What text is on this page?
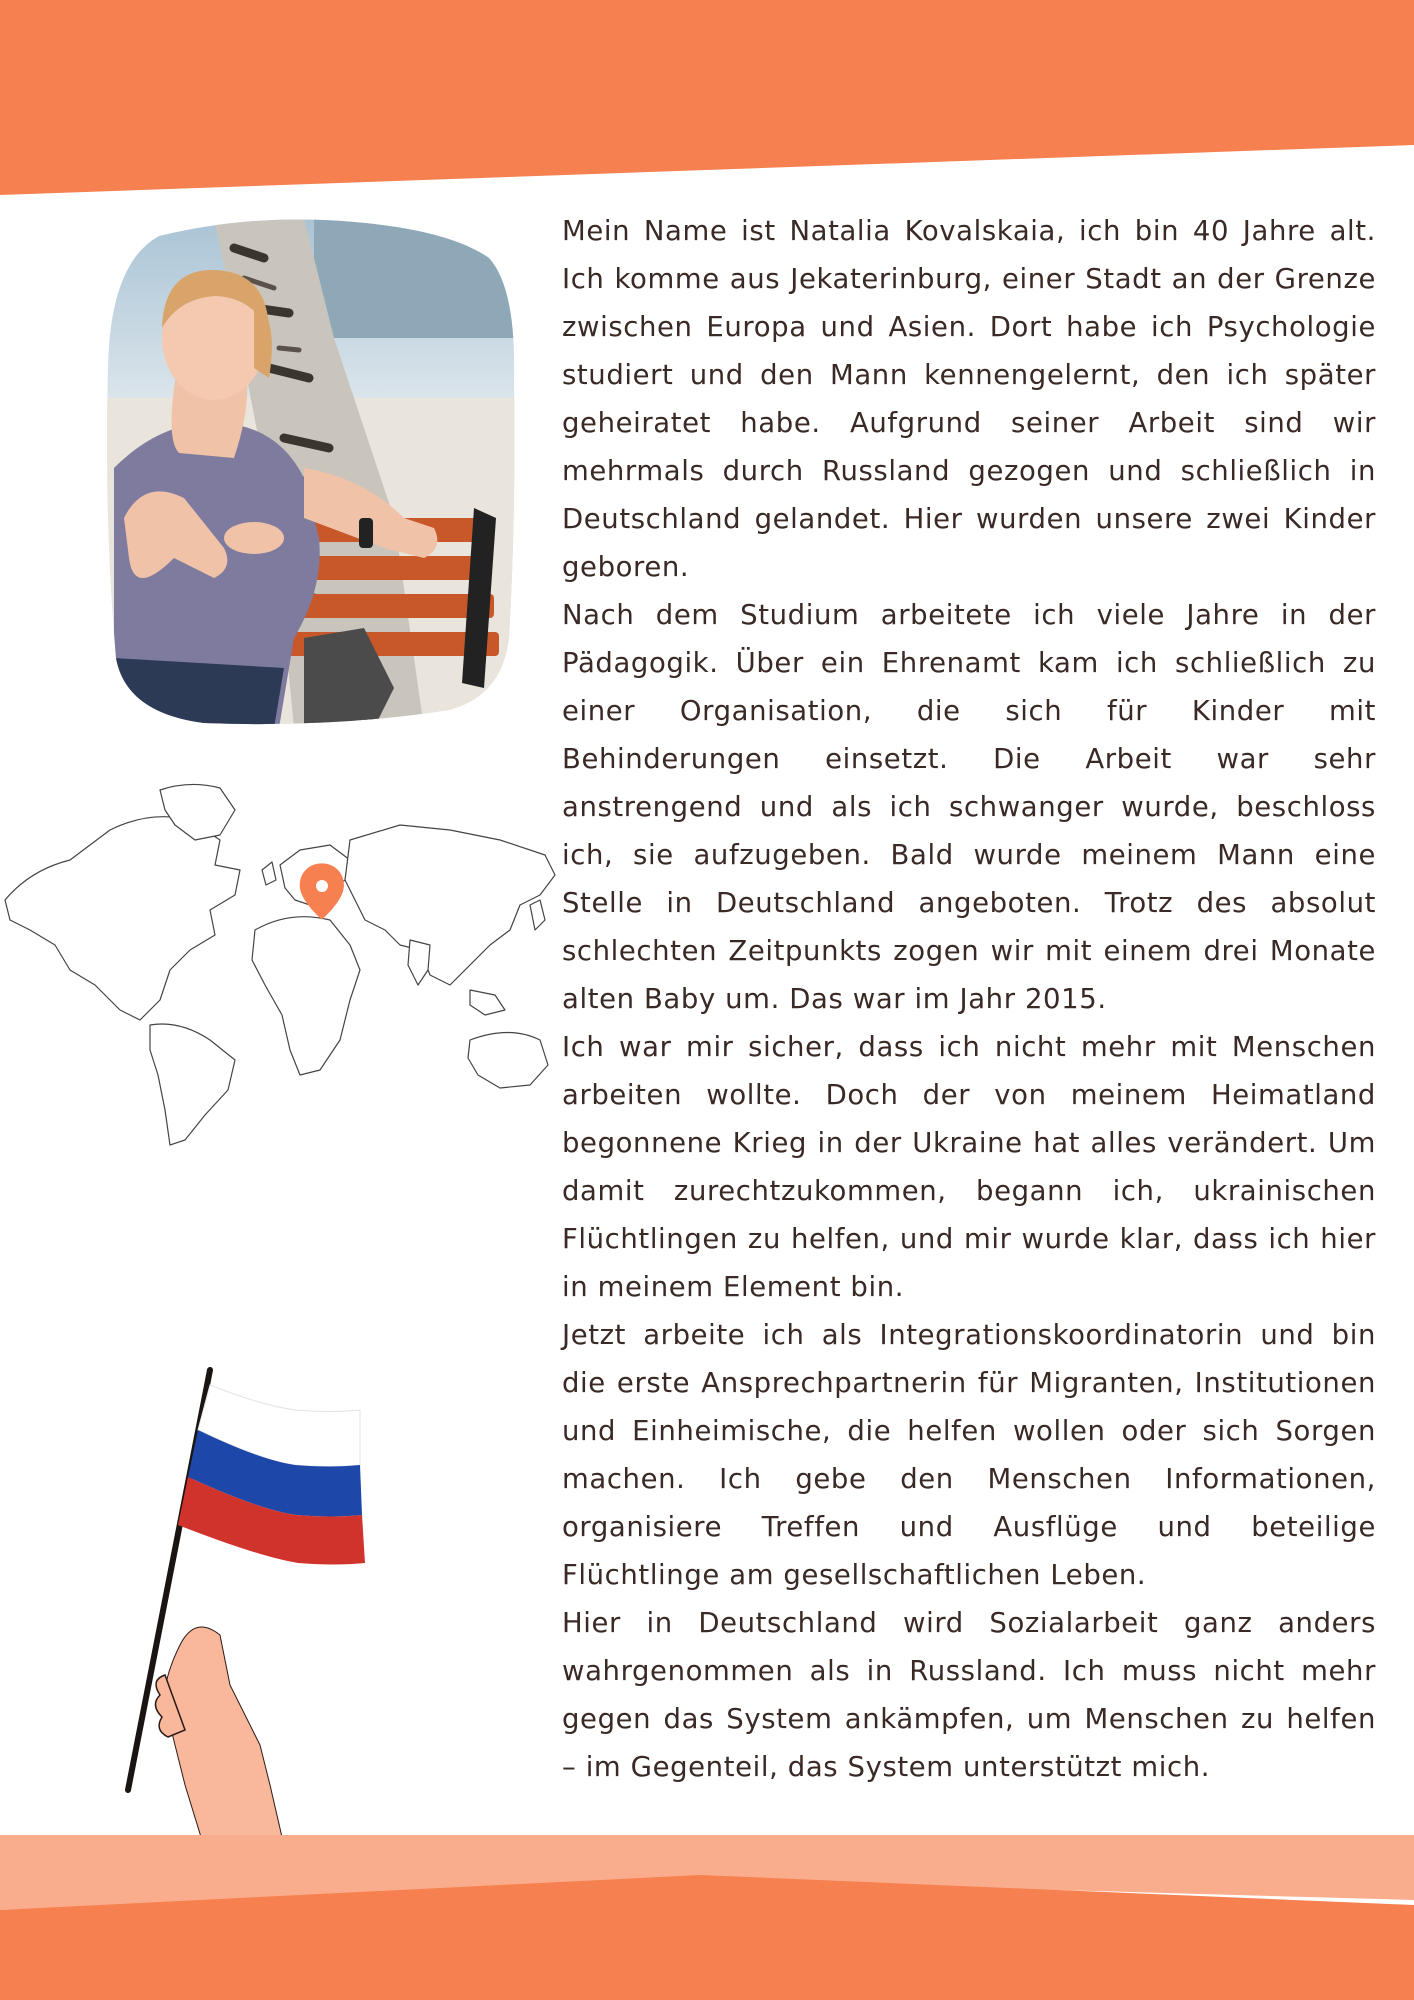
Mein Name ist Natalia Kovalskaia, ich bin 40 Jahre alt. Ich komme aus Jekaterinburg, einer Stadt an der Grenze zwischen Europa und Asien. Dort habe ich Psychologie studiert und den Mann kennengelernt, den ich später geheiratet habe. Aufgrund seiner Arbeit sind wir mehrmals durch Russland gezogen und schließlich in Deutschland gelandet. Hier wurden unsere zwei Kinder geboren.

Nach dem Studium arbeitete ich viele Jahre in der Pädagogik. Über ein Ehrenamt kam ich schließlich zu einer Organisation, die sich für Kinder mit Behinderungen einsetzt. Die Arbeit war sehr anstrengend und als ich schwanger wurde, beschloss ich, sie aufzugeben. Bald wurde meinem Mann eine Stelle in Deutschland angeboten. Trotz des absolut schlechten Zeitpunkts zogen wir mit einem drei Monate alten Baby um. Das war im Jahr 2015.

Ich war mir sicher, dass ich nicht mehr mit Menschen arbeiten wollte. Doch der von meinem Heimatland begonnene Krieg in der Ukraine hat alles verändert. Um damit zurechtzukommen, begann ich, ukrainischen Flüchtlingen zu helfen, und mir wurde klar, dass ich hier in meinem Element bin.

Jetzt arbeite ich als Integrationskoordinatorin und bin die erste Ansprechpartnerin für Migranten, Institutionen und Einheimische, die helfen wollen oder sich Sorgen machen. Ich gebe den Menschen Informationen, organisiere Treffen und Ausflüge und beteilige Flüchtlinge am gesellschaftlichen Leben.

Hier in Deutschland wird Sozialarbeit ganz anders wahrgenommen als in Russland. Ich muss nicht mehr gegen das System ankämpfen, um Menschen zu helfen – im Gegenteil, das System unterstützt mich.
